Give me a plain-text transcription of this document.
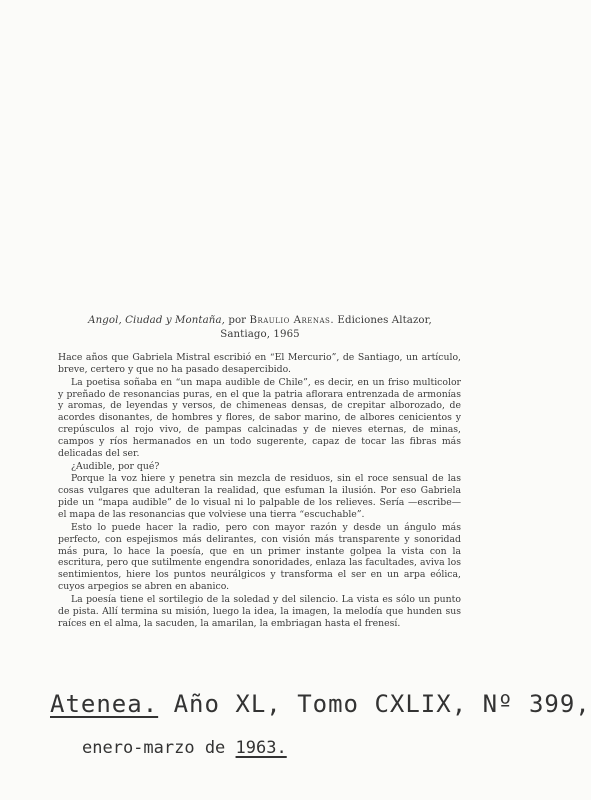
Angol, Ciudad y Montaña, por Braulio Arenas. Ediciones Altazor,
Santiago, 1965

Hace años que Gabriela Mistral escribió en “El Mercurio”, de Santiago, un artículo, breve, certero y que no ha pasado desapercibido.

La poetisa soñaba en “un mapa audible de Chile”, es decir, en un friso multicolor y preñado de resonancias puras, en el que la patria aflorara entrenzada de armonías y aromas, de leyendas y versos, de chimeneas densas, de crepitar alborozado, de acordes disonantes, de hombres y flores, de sabor marino, de albores cenicientos y crepúsculos al rojo vivo, de pampas calcinadas y de nieves eternas, de minas, campos y ríos hermanados en un todo sugerente, capaz de tocar las fibras más delicadas del ser.

¿Audible, por qué?

Porque la voz hiere y penetra sin mezcla de residuos, sin el roce sensual de las cosas vulgares que adulteran la realidad, que esfuman la ilusión. Por eso Gabriela pide un “mapa audible” de lo visual ni lo palpable de los relieves. Sería —escribe— el mapa de las resonancias que volviese una tierra “escuchable”.

Esto lo puede hacer la radio, pero con mayor razón y desde un ángulo más perfecto, con espejismos más delirantes, con visión más transparente y sonoridad más pura, lo hace la poesía, que en un primer instante golpea la vista con la escritura, pero que sutilmente engendra sonoridades, enlaza las facultades, aviva los sentimientos, hiere los puntos neurálgicos y transforma el ser en un arpa eólica, cuyos arpegios se abren en abanico.

La poesía tiene el sortilegio de la soledad y del silencio. La vista es sólo un punto de pista. Allí termina su misión, luego la idea, la imagen, la melodía que hunden sus raíces en el alma, la sacuden, la amarilan, la embriagan hasta el frenesí.

Atenea. Año XL, Tomo CXLIX, Nº 399,
enero-marzo de 1963.
